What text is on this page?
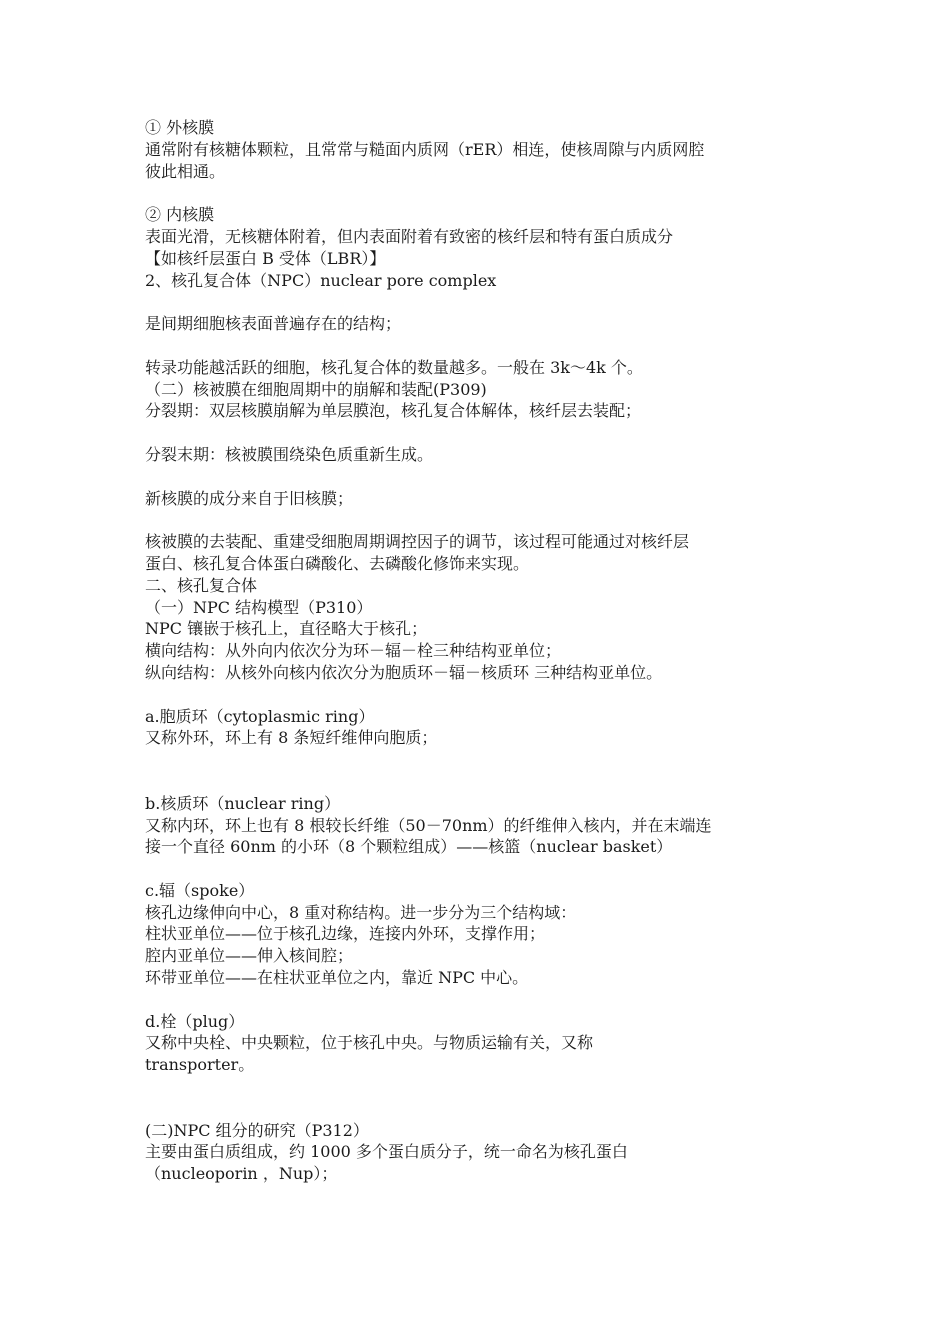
① 外核膜
通常附有核糖体颗粒，且常常与糙面内质网（rER）相连，使核周隙与内质网腔
彼此相通。
② 内核膜
表面光滑，无核糖体附着，但内表面附着有致密的核纤层和特有蛋白质成分
【如核纤层蛋白 B 受体（LBR）】
2、核孔复合体（NPC）nuclear pore complex
是间期细胞核表面普遍存在的结构；
转录功能越活跃的细胞，核孔复合体的数量越多。一般在 3k～4k 个。
（二）核被膜在细胞周期中的崩解和装配(P309)
分裂期：双层核膜崩解为单层膜泡，核孔复合体解体，核纤层去装配；
分裂末期：核被膜围绕染色质重新生成。
新核膜的成分来自于旧核膜；
核被膜的去装配、重建受细胞周期调控因子的调节，该过程可能通过对核纤层
蛋白、核孔复合体蛋白磷酸化、去磷酸化修饰来实现。
二、核孔复合体
（一）NPC 结构模型（P310）
NPC 镶嵌于核孔上，直径略大于核孔；
横向结构：从外向内依次分为环－辐－栓三种结构亚单位；
纵向结构：从核外向核内依次分为胞质环－辐－核质环 三种结构亚单位。
a.胞质环（cytoplasmic ring）
又称外环，环上有 8 条短纤维伸向胞质；
b.核质环（nuclear ring）
又称内环，环上也有 8 根较长纤维（50－70nm）的纤维伸入核内，并在末端连
接一个直径 60nm 的小环（8 个颗粒组成）——核篮（nuclear basket）
c.辐（spoke）
核孔边缘伸向中心，8 重对称结构。进一步分为三个结构域：
柱状亚单位——位于核孔边缘，连接内外环，支撑作用；
腔内亚单位——伸入核间腔；
环带亚单位——在柱状亚单位之内，靠近 NPC 中心。
d.栓（plug）
又称中央栓、中央颗粒，位于核孔中央。与物质运输有关，又称
transporter。
(二)NPC 组分的研究（P312）
主要由蛋白质组成，约 1000 多个蛋白质分子，统一命名为核孔蛋白
（nucleoporin ，Nup）；
